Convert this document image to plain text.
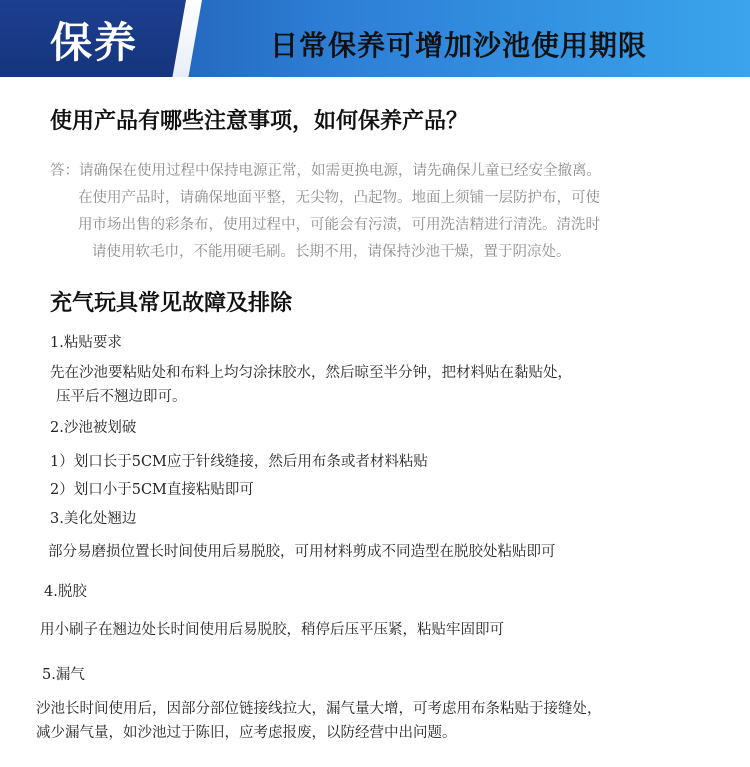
保养	日常保养可增加沙池使用期限
使用产品有哪些注意事项，如何保养产品？
答：请确保在使用过程中保持电源正常，如需更换电源，请先确保儿童已经安全撤离。
在使用产品时，请确保地面平整，无尖物，凸起物。地面上须铺一层防护布，可使
用市场出售的彩条布，使用过程中，可能会有污渍，可用洗洁精进行清洗。清洗时
请使用软毛巾，不能用硬毛刷。长期不用，请保持沙池干燥，置于阴凉处。
充气玩具常见故障及排除
1.粘贴要求
先在沙池要粘贴处和布料上均匀涂抹胶水，然后晾至半分钟，把材料贴在黏贴处，
压平后不翘边即可。
2.沙池被划破
1）划口长于5CM应于针线缝接，然后用布条或者材料粘贴
2）划口小于5CM直接粘贴即可
3.美化处翘边
部分易磨损位置长时间使用后易脱胶，可用材料剪成不同造型在脱胶处粘贴即可
4.脱胶
用小刷子在翘边处长时间使用后易脱胶，稍停后压平压紧，粘贴牢固即可
5.漏气
沙池长时间使用后，因部分部位链接线拉大，漏气量大增，可考虑用布条粘贴于接缝处，
减少漏气量，如沙池过于陈旧，应考虑报废，以防经营中出问题。
